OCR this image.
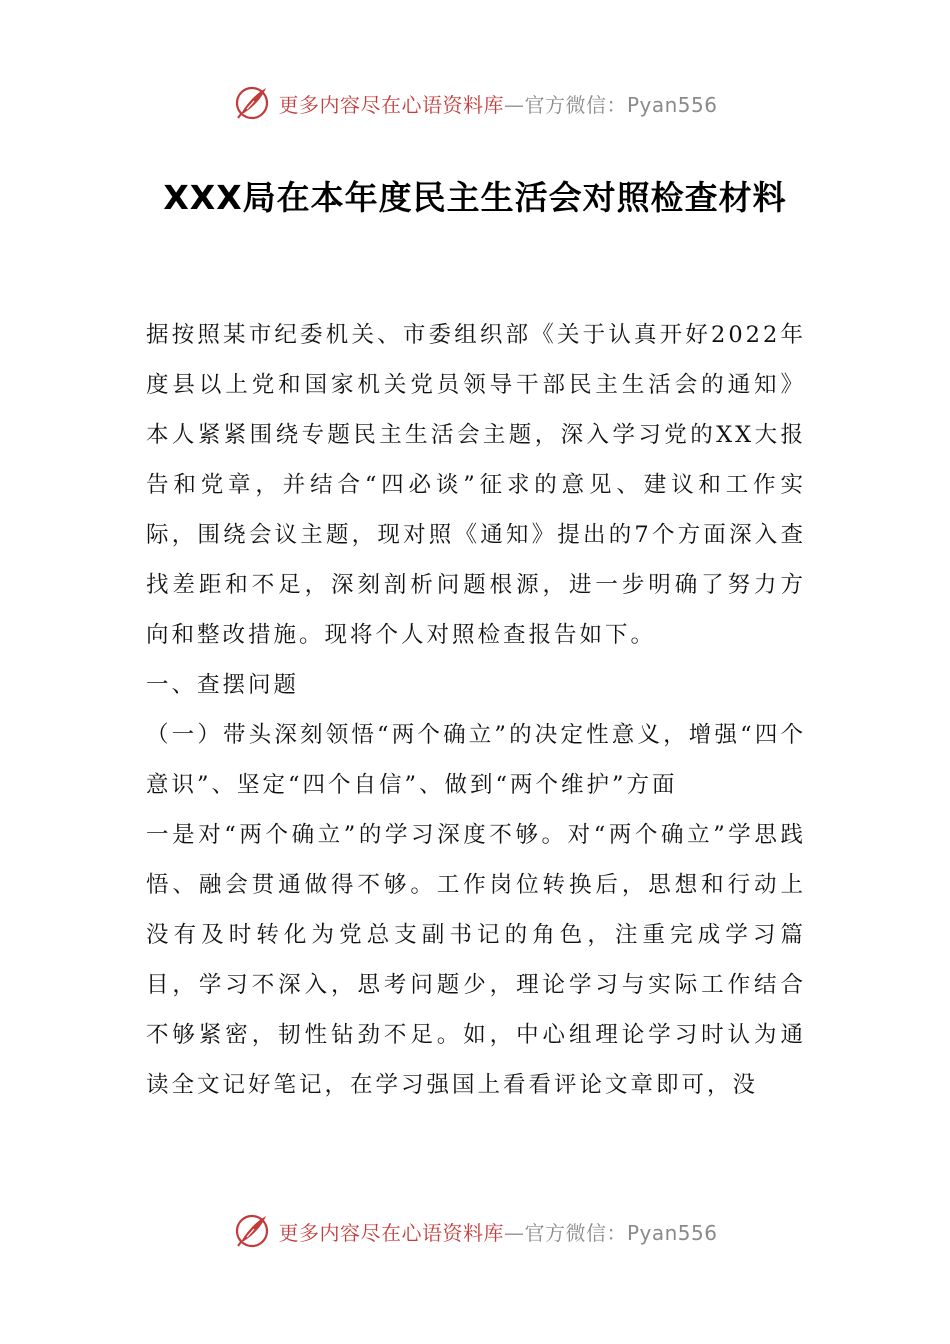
更多内容尽在心语资料库—官方微信：Pyan556
XXX局在本年度民主生活会对照检查材料

据按照某市纪委机关、市委组织部《关于认真开好2022年度县以上党和国家机关党员领导干部民主生活会的通知》本人紧紧围绕专题民主生活会主题，深入学习党的XX大报告和党章，并结合“四必谈”征求的意见、建议和工作实际，围绕会议主题，现对照《通知》提出的7个方面深入查找差距和不足，深刻剖析问题根源，进一步明确了努力方向和整改措施。现将个人对照检查报告如下。

一、查摆问题

（一）带头深刻领悟“两个确立”的决定性意义，增强“四个意识”、坚定“四个自信”、做到“两个维护”方面

一是对“两个确立”的学习深度不够。对“两个确立”学思践悟、融会贯通做得不够。工作岗位转换后，思想和行动上没有及时转化为党总支副书记的角色，注重完成学习篇目，学习不深入，思考问题少，理论学习与实际工作结合不够紧密，韧性钻劲不足。如，中心组理论学习时认为通读全文记好笔记，在学习强国上看看评论文章即可，没

更多内容尽在心语资料库—官方微信：Pyan556
